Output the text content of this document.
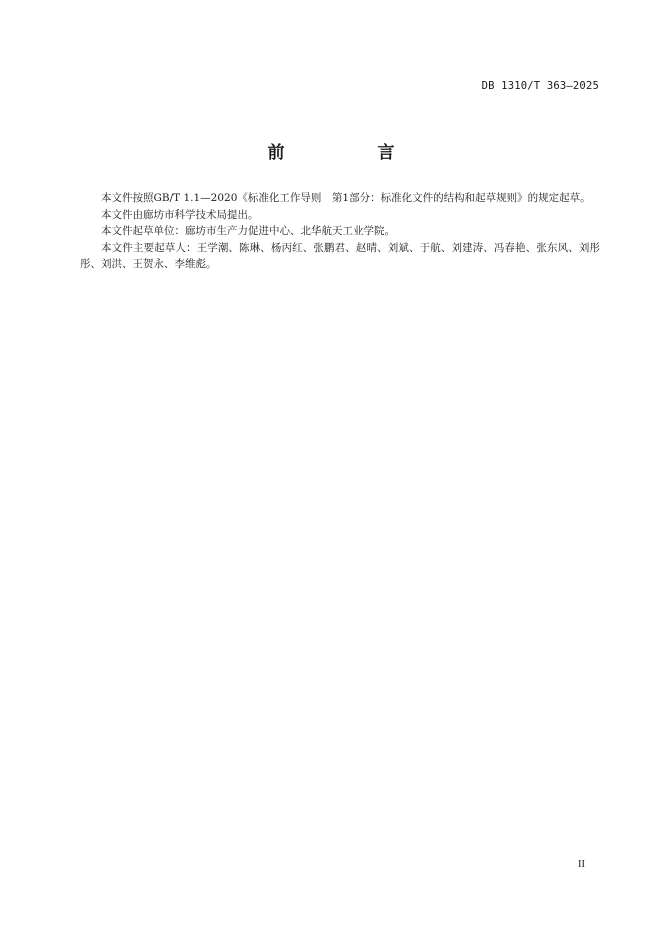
DB 1310/T 363—2025
前　言

本文件按照GB/T 1.1—2020《标准化工作导则　第1部分：标准化文件的结构和起草规则》的规定起草。

本文件由廊坊市科学技术局提出。

本文件起草单位：廊坊市生产力促进中心、北华航天工业学院。

本文件主要起草人：王学潮、陈琳、杨丙红、张鹏君、赵晴、刘斌、于航、刘建涛、冯春艳、张东风、刘彤彤、刘洪、王贺永、李维彪。

II
